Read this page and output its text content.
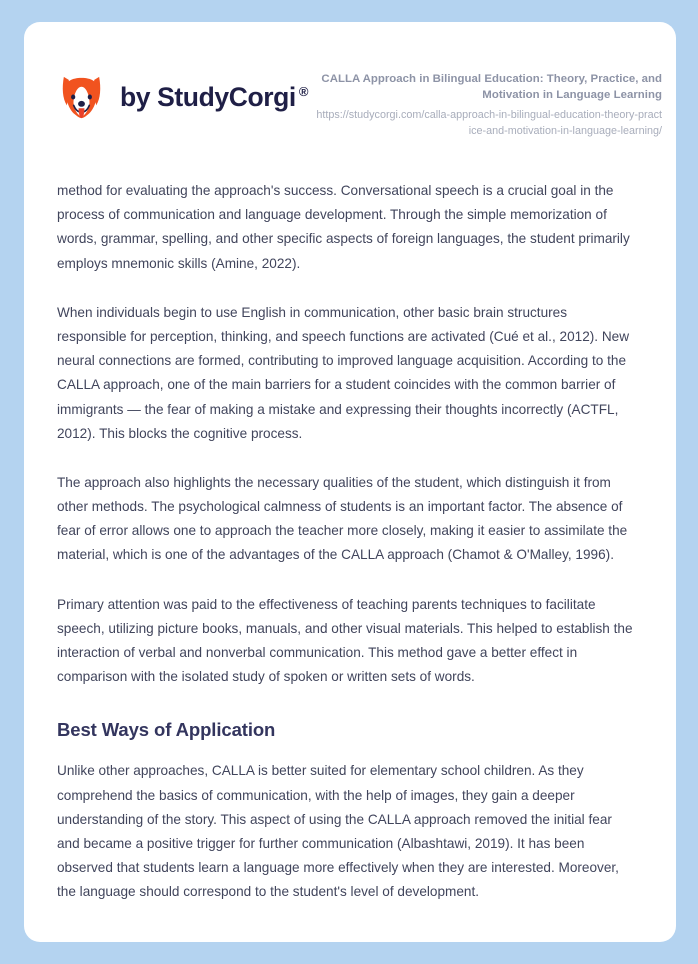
by StudyCorgi ®
CALLA Approach in Bilingual Education: Theory, Practice, and Motivation in Language Learning
https://studycorgi.com/calla-approach-in-bilingual-education-theory-practice-and-motivation-in-language-learning/

method for evaluating the approach's success. Conversational speech is a crucial goal in the process of communication and language development. Through the simple memorization of words, grammar, spelling, and other specific aspects of foreign languages, the student primarily employs mnemonic skills (Amine, 2022).

When individuals begin to use English in communication, other basic brain structures responsible for perception, thinking, and speech functions are activated (Cué et al., 2012). New neural connections are formed, contributing to improved language acquisition. According to the CALLA approach, one of the main barriers for a student coincides with the common barrier of immigrants — the fear of making a mistake and expressing their thoughts incorrectly (ACTFL, 2012). This blocks the cognitive process.

The approach also highlights the necessary qualities of the student, which distinguish it from other methods. The psychological calmness of students is an important factor. The absence of fear of error allows one to approach the teacher more closely, making it easier to assimilate the material, which is one of the advantages of the CALLA approach (Chamot & O'Malley, 1996).

Primary attention was paid to the effectiveness of teaching parents techniques to facilitate speech, utilizing picture books, manuals, and other visual materials. This helped to establish the interaction of verbal and nonverbal communication. This method gave a better effect in comparison with the isolated study of spoken or written sets of words.

Best Ways of Application

Unlike other approaches, CALLA is better suited for elementary school children. As they comprehend the basics of communication, with the help of images, they gain a deeper understanding of the story. This aspect of using the CALLA approach removed the initial fear and became a positive trigger for further communication (Albashtawi, 2019). It has been observed that students learn a language more effectively when they are interested. Moreover, the language should correspond to the student's level of development.
